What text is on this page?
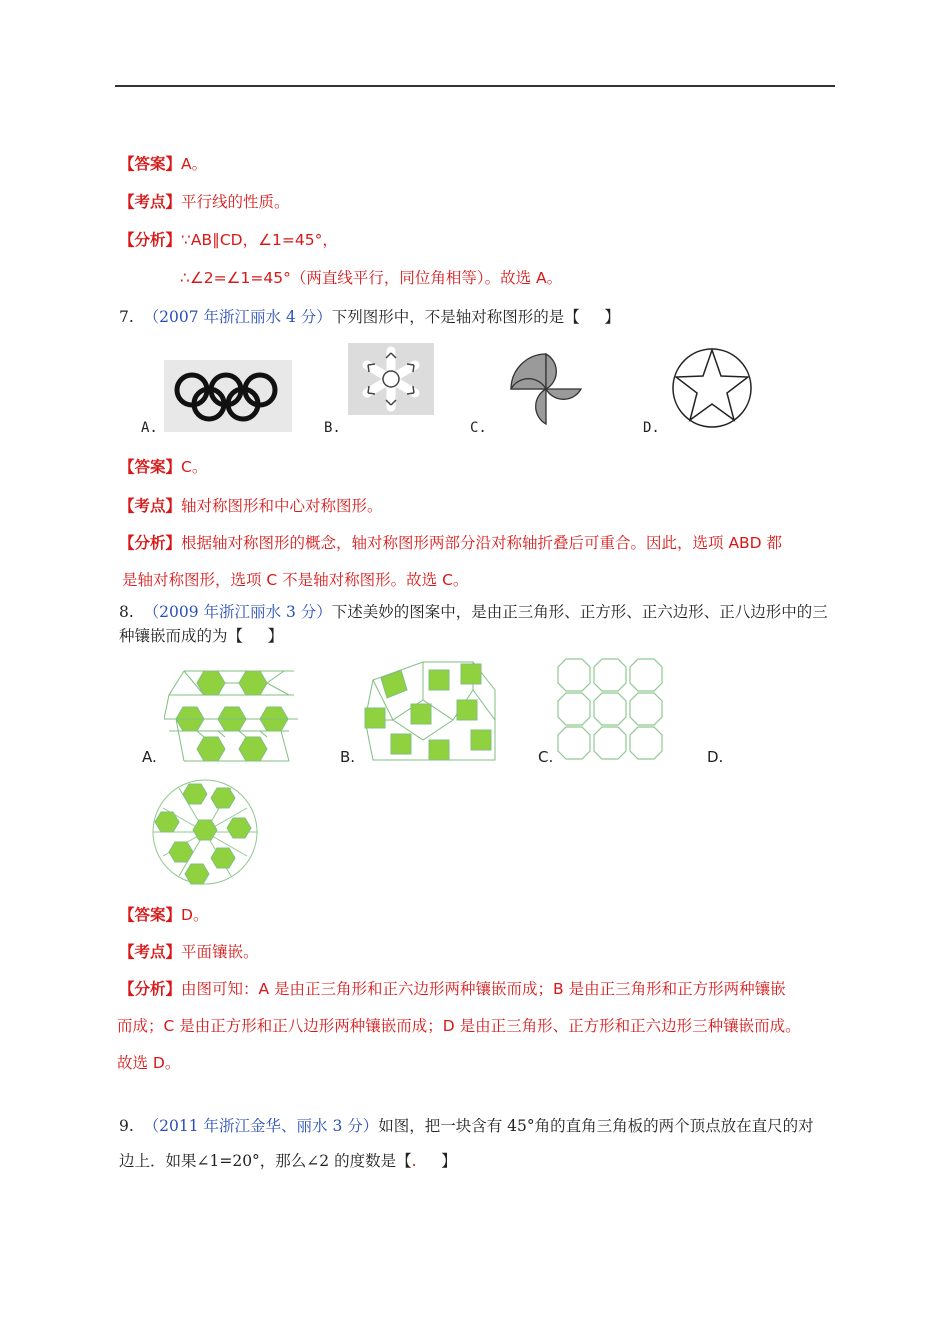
【答案】A。
【考点】平行线的性质。
【分析】∵AB∥CD，∠1=45°，
∴∠2=∠1=45°（两直线平行，同位角相等）。故选 A。
7. （2007 年浙江丽水 4 分）下列图形中，不是轴对称图形的是【 】
A.	B.	C.	D.
【答案】C。
【考点】轴对称图形和中心对称图形。
【分析】根据轴对称图形的概念，轴对称图形两部分沿对称轴折叠后可重合。因此，选项 ABD 都
是轴对称图形，选项 C 不是轴对称图形。故选 C。
8. （2009 年浙江丽水 3 分）下述美妙的图案中，是由正三角形、正方形、正六边形、正八边形中的三
种镶嵌而成的为【 】
A.	B.	C.	D.
【答案】D。
【考点】平面镶嵌。
【分析】由图可知：A 是由正三角形和正六边形两种镶嵌而成；B 是由正三角形和正方形两种镶嵌
而成；C 是由正方形和正八边形两种镶嵌而成；D 是由正三角形、正方形和正六边形三种镶嵌而成。
故选 D。
9. （2011 年浙江金华、丽水 3 分）如图，把一块含有 45°角的直角三角板的两个顶点放在直尺的对
边上．如果∠1=20°，那么∠2 的度数是【. 】
